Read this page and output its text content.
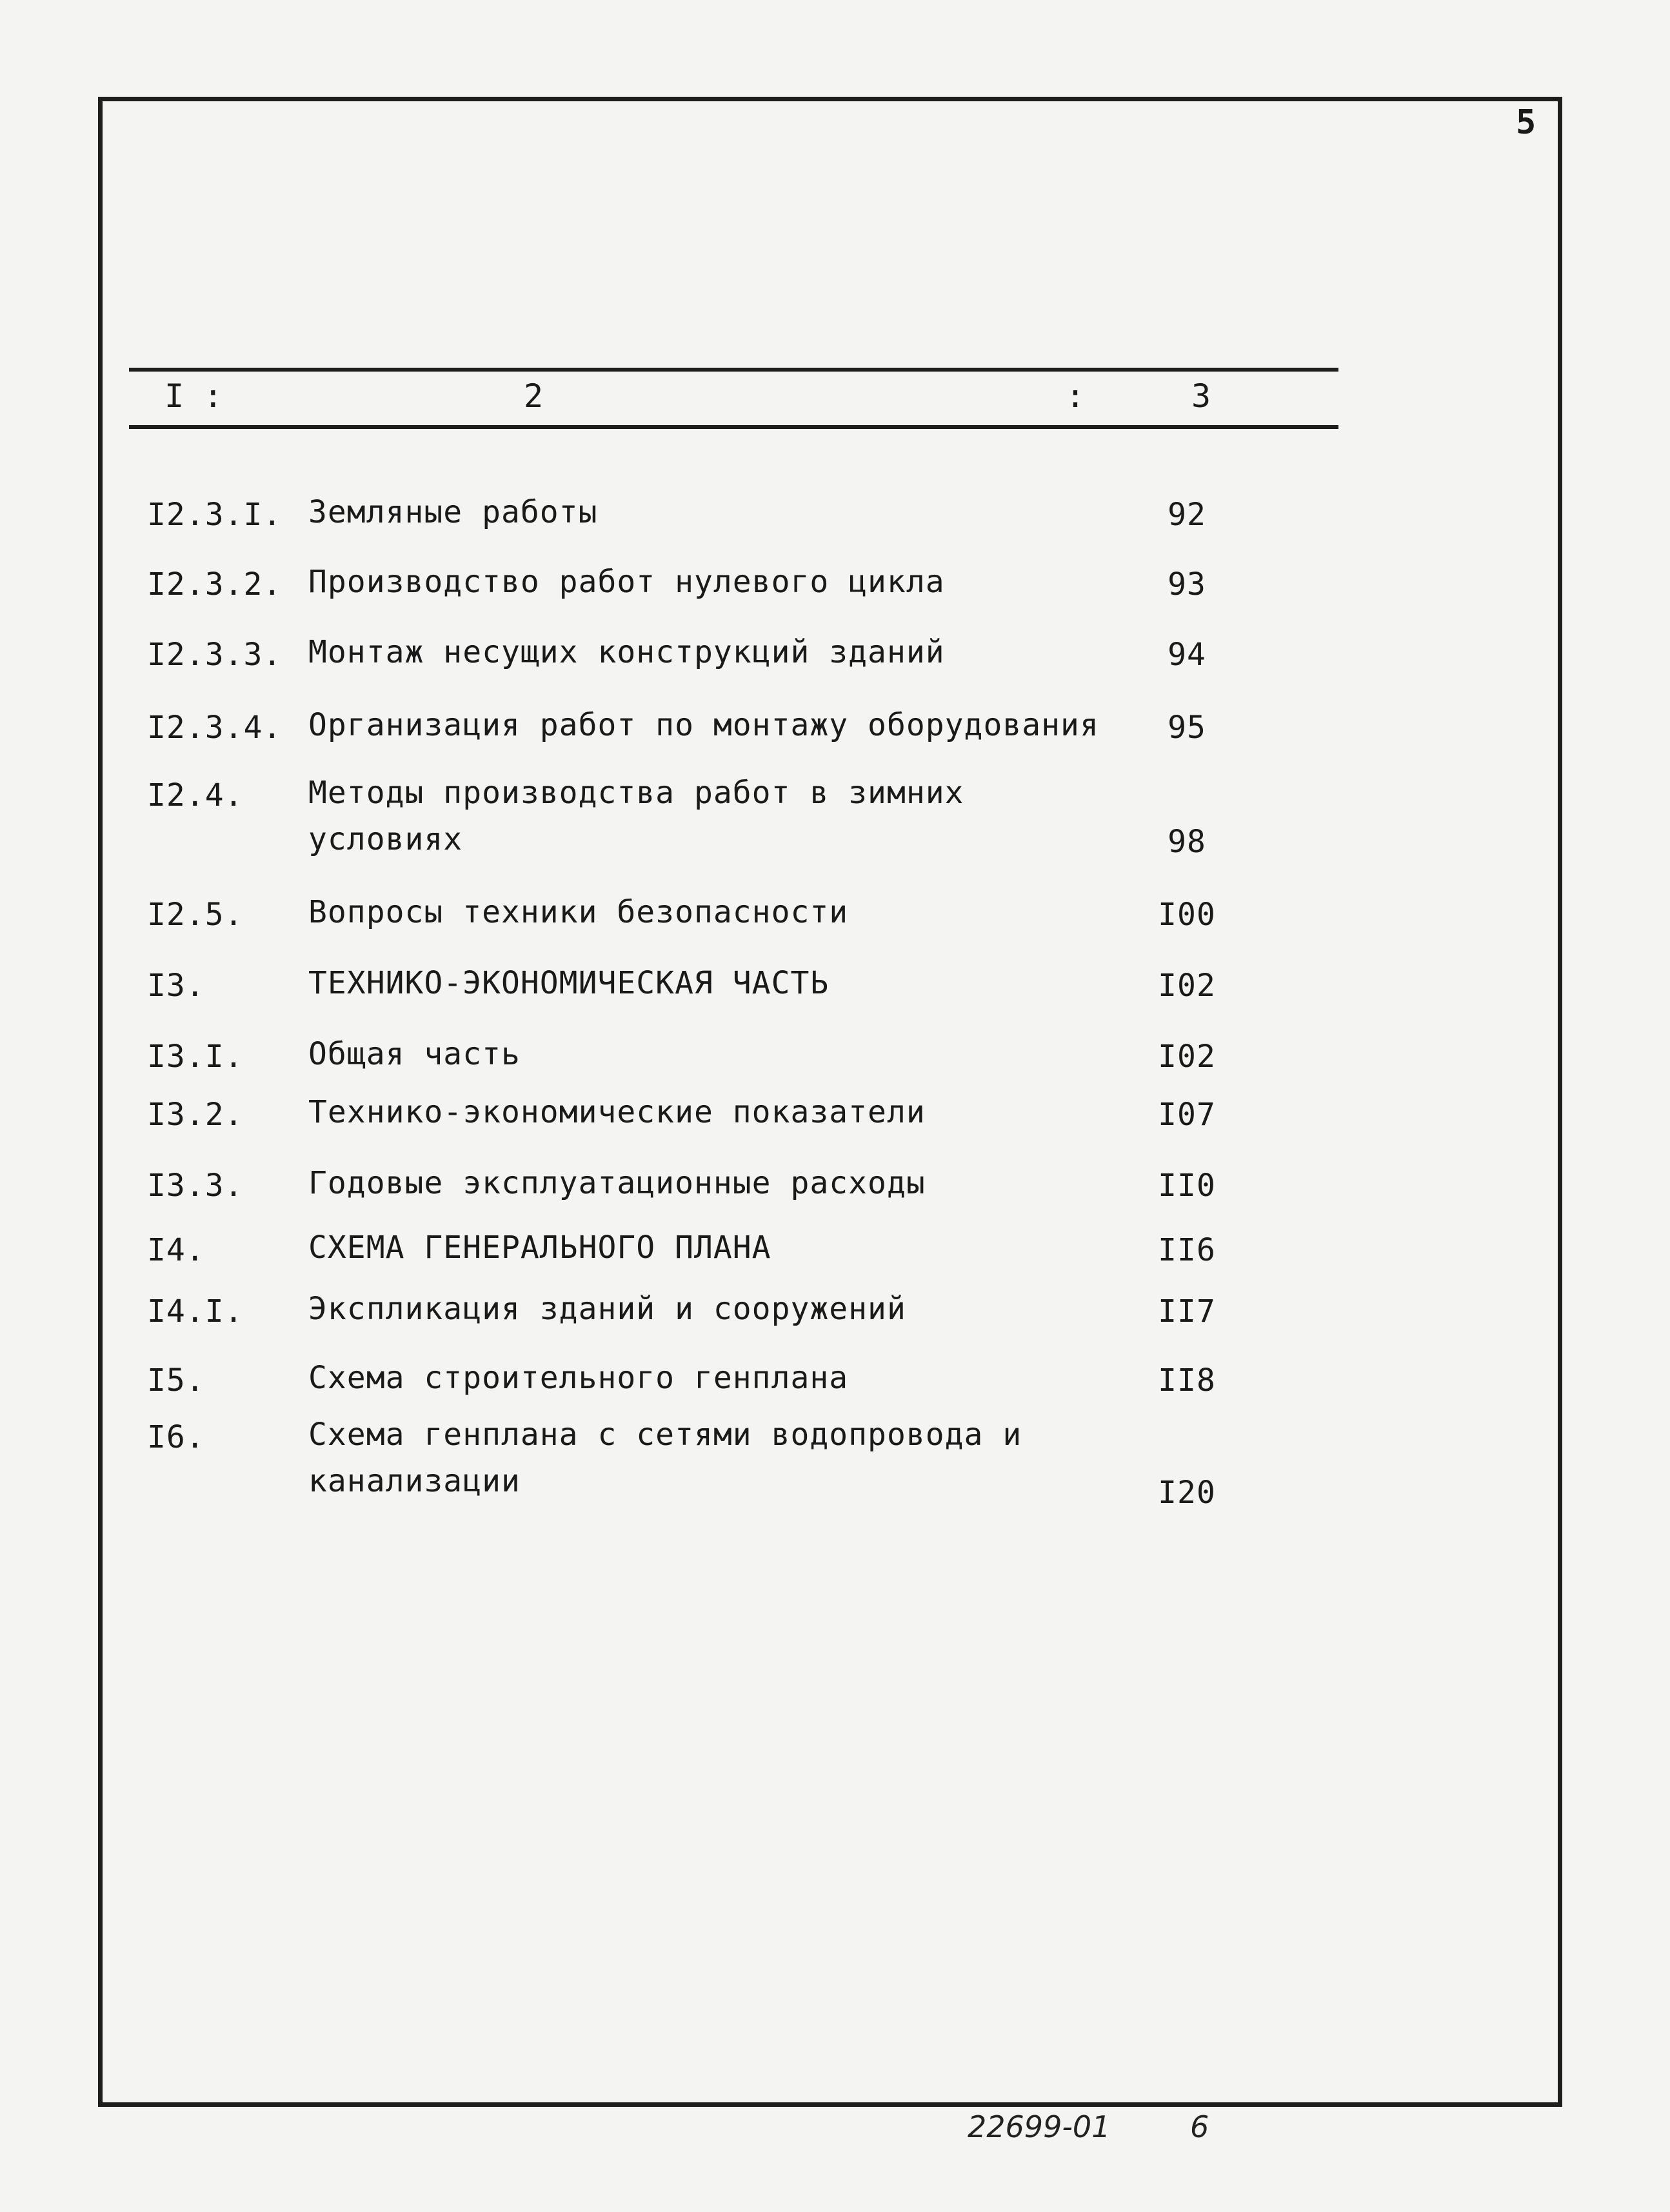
5
I :	2	:	3
I2.3.I. Земляные работы	92
I2.3.2. Производство работ нулевого цикла	93
I2.3.3. Монтаж несущих конструкций зданий	94
I2.3.4. Организация работ по монтажу оборудования	95
I2.4. Методы производства работ в зимних
условиях	98
I2.5. Вопросы техники безопасности	I00
I3.	ТЕХНИКО-ЭКОНОМИЧЕСКАЯ ЧАСТЬ	I02
I3.I. Общая часть	I02
I3.2. Технико-экономические показатели	I07
I3.3. Годовые эксплуатационные расходы	II0
I4.	СХЕМА ГЕНЕРАЛЬНОГО ПЛАНА	II6
I4.I. Экспликация зданий и сооружений	II7
I5.	Схема строительного генплана	II8
I6.	Схема генплана с сетями водопровода и
канализации	I20
22699-01	6
